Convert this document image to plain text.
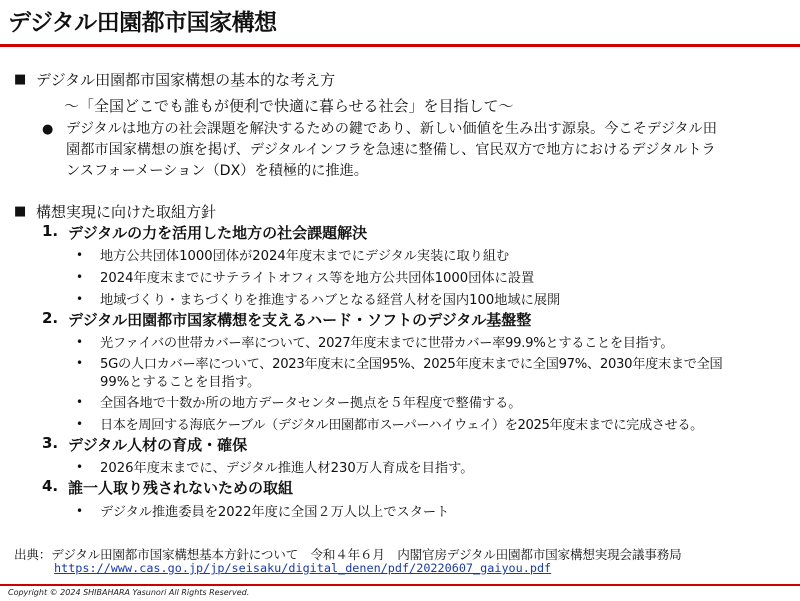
デジタル田園都市国家構想
■ デジタル田園都市国家構想の基本的な考え方
〜「全国どこでも誰もが便利で快適に暮らせる社会」を目指して〜
● デジタルは地方の社会課題を解決するための鍵であり、新しい価値を生み出す源泉。今こそデジタル田
園都市国家構想の旗を掲げ、デジタルインフラを急速に整備し、官民双方で地方におけるデジタルトラ
ンスフォーメーション（DX）を積極的に推進。
■ 構想実現に向けた取組方針
1. デジタルの力を活用した地方の社会課題解決
• 地方公共団体1000団体が2024年度末までにデジタル実装に取り組む
• 2024年度末までにサテライトオフィス等を地方公共団体1000団体に設置
• 地域づくり・まちづくりを推進するハブとなる経営人材を国内100地域に展開
2. デジタル田園都市国家構想を支えるハード・ソフトのデジタル基盤整
• 光ファイバの世帯カバー率について、2027年度末までに世帯カバー率99.9%とすることを目指す。
• 5Gの人口カバー率について、2023年度末に全国95%、2025年度末までに全国97%、2030年度末まで全国
99%とすることを目指す。
• 全国各地で十数か所の地方データセンター拠点を５年程度で整備する。
• 日本を周回する海底ケーブル（デジタル田園都市スーパーハイウェイ）を2025年度末までに完成させる。
3. デジタル人材の育成・確保
• 2026年度末までに、デジタル推進人材230万人育成を目指す。
4. 誰一人取り残されないための取組
• デジタル推進委員を2022年度に全国２万人以上でスタート
出典：デジタル田園都市国家構想基本方針について　令和４年６月　内閣官房デジタル田園都市国家構想実現会議事務局
https://www.cas.go.jp/jp/seisaku/digital_denen/pdf/20220607_gaiyou.pdf
Copyright © 2024 SHIBAHARA Yasunori All Rights Reserved.
